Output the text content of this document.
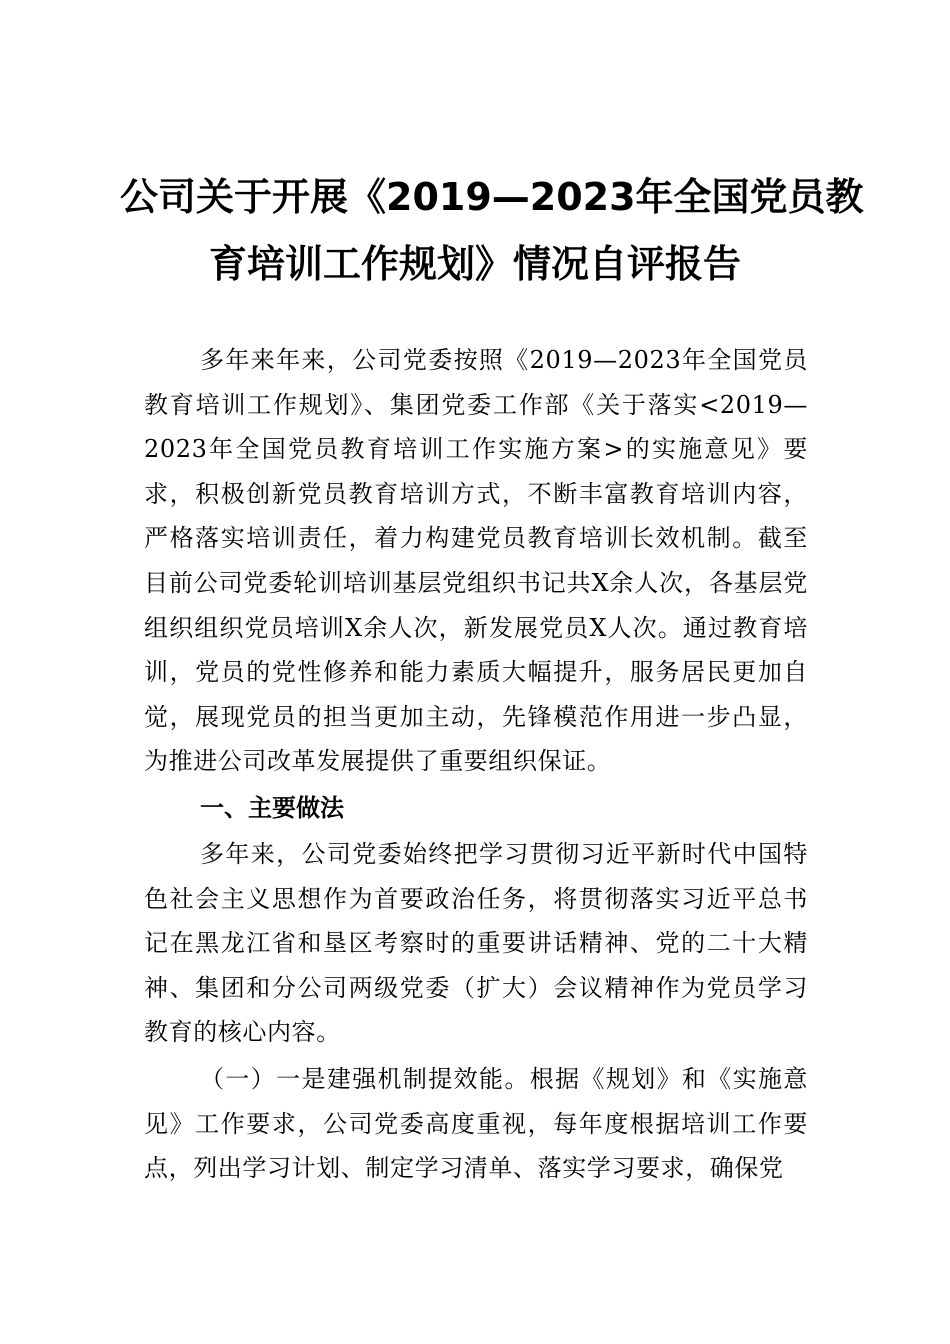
公司关于开展《2019—2023年全国党员教
育培训工作规划》情况自评报告

多年来年来，公司党委按照《2019—2023年全国党员教育培训工作规划》、集团党委工作部《关于落实<2019—2023年全国党员教育培训工作实施方案>的实施意见》要求，积极创新党员教育培训方式，不断丰富教育培训内容，严格落实培训责任，着力构建党员教育培训长效机制。截至目前公司党委轮训培训基层党组织书记共X余人次，各基层党组织组织党员培训X余人次，新发展党员X人次。通过教育培训，党员的党性修养和能力素质大幅提升，服务居民更加自觉，展现党员的担当更加主动，先锋模范作用进一步凸显，为推进公司改革发展提供了重要组织保证。

一、主要做法

多年来，公司党委始终把学习贯彻习近平新时代中国特色社会主义思想作为首要政治任务，将贯彻落实习近平总书记在黑龙江省和垦区考察时的重要讲话精神、党的二十大精神、集团和分公司两级党委（扩大）会议精神作为党员学习教育的核心内容。

（一）一是建强机制提效能。根据《规划》和《实施意见》工作要求，公司党委高度重视，每年度根据培训工作要点，列出学习计划、制定学习清单、落实学习要求，确保党
